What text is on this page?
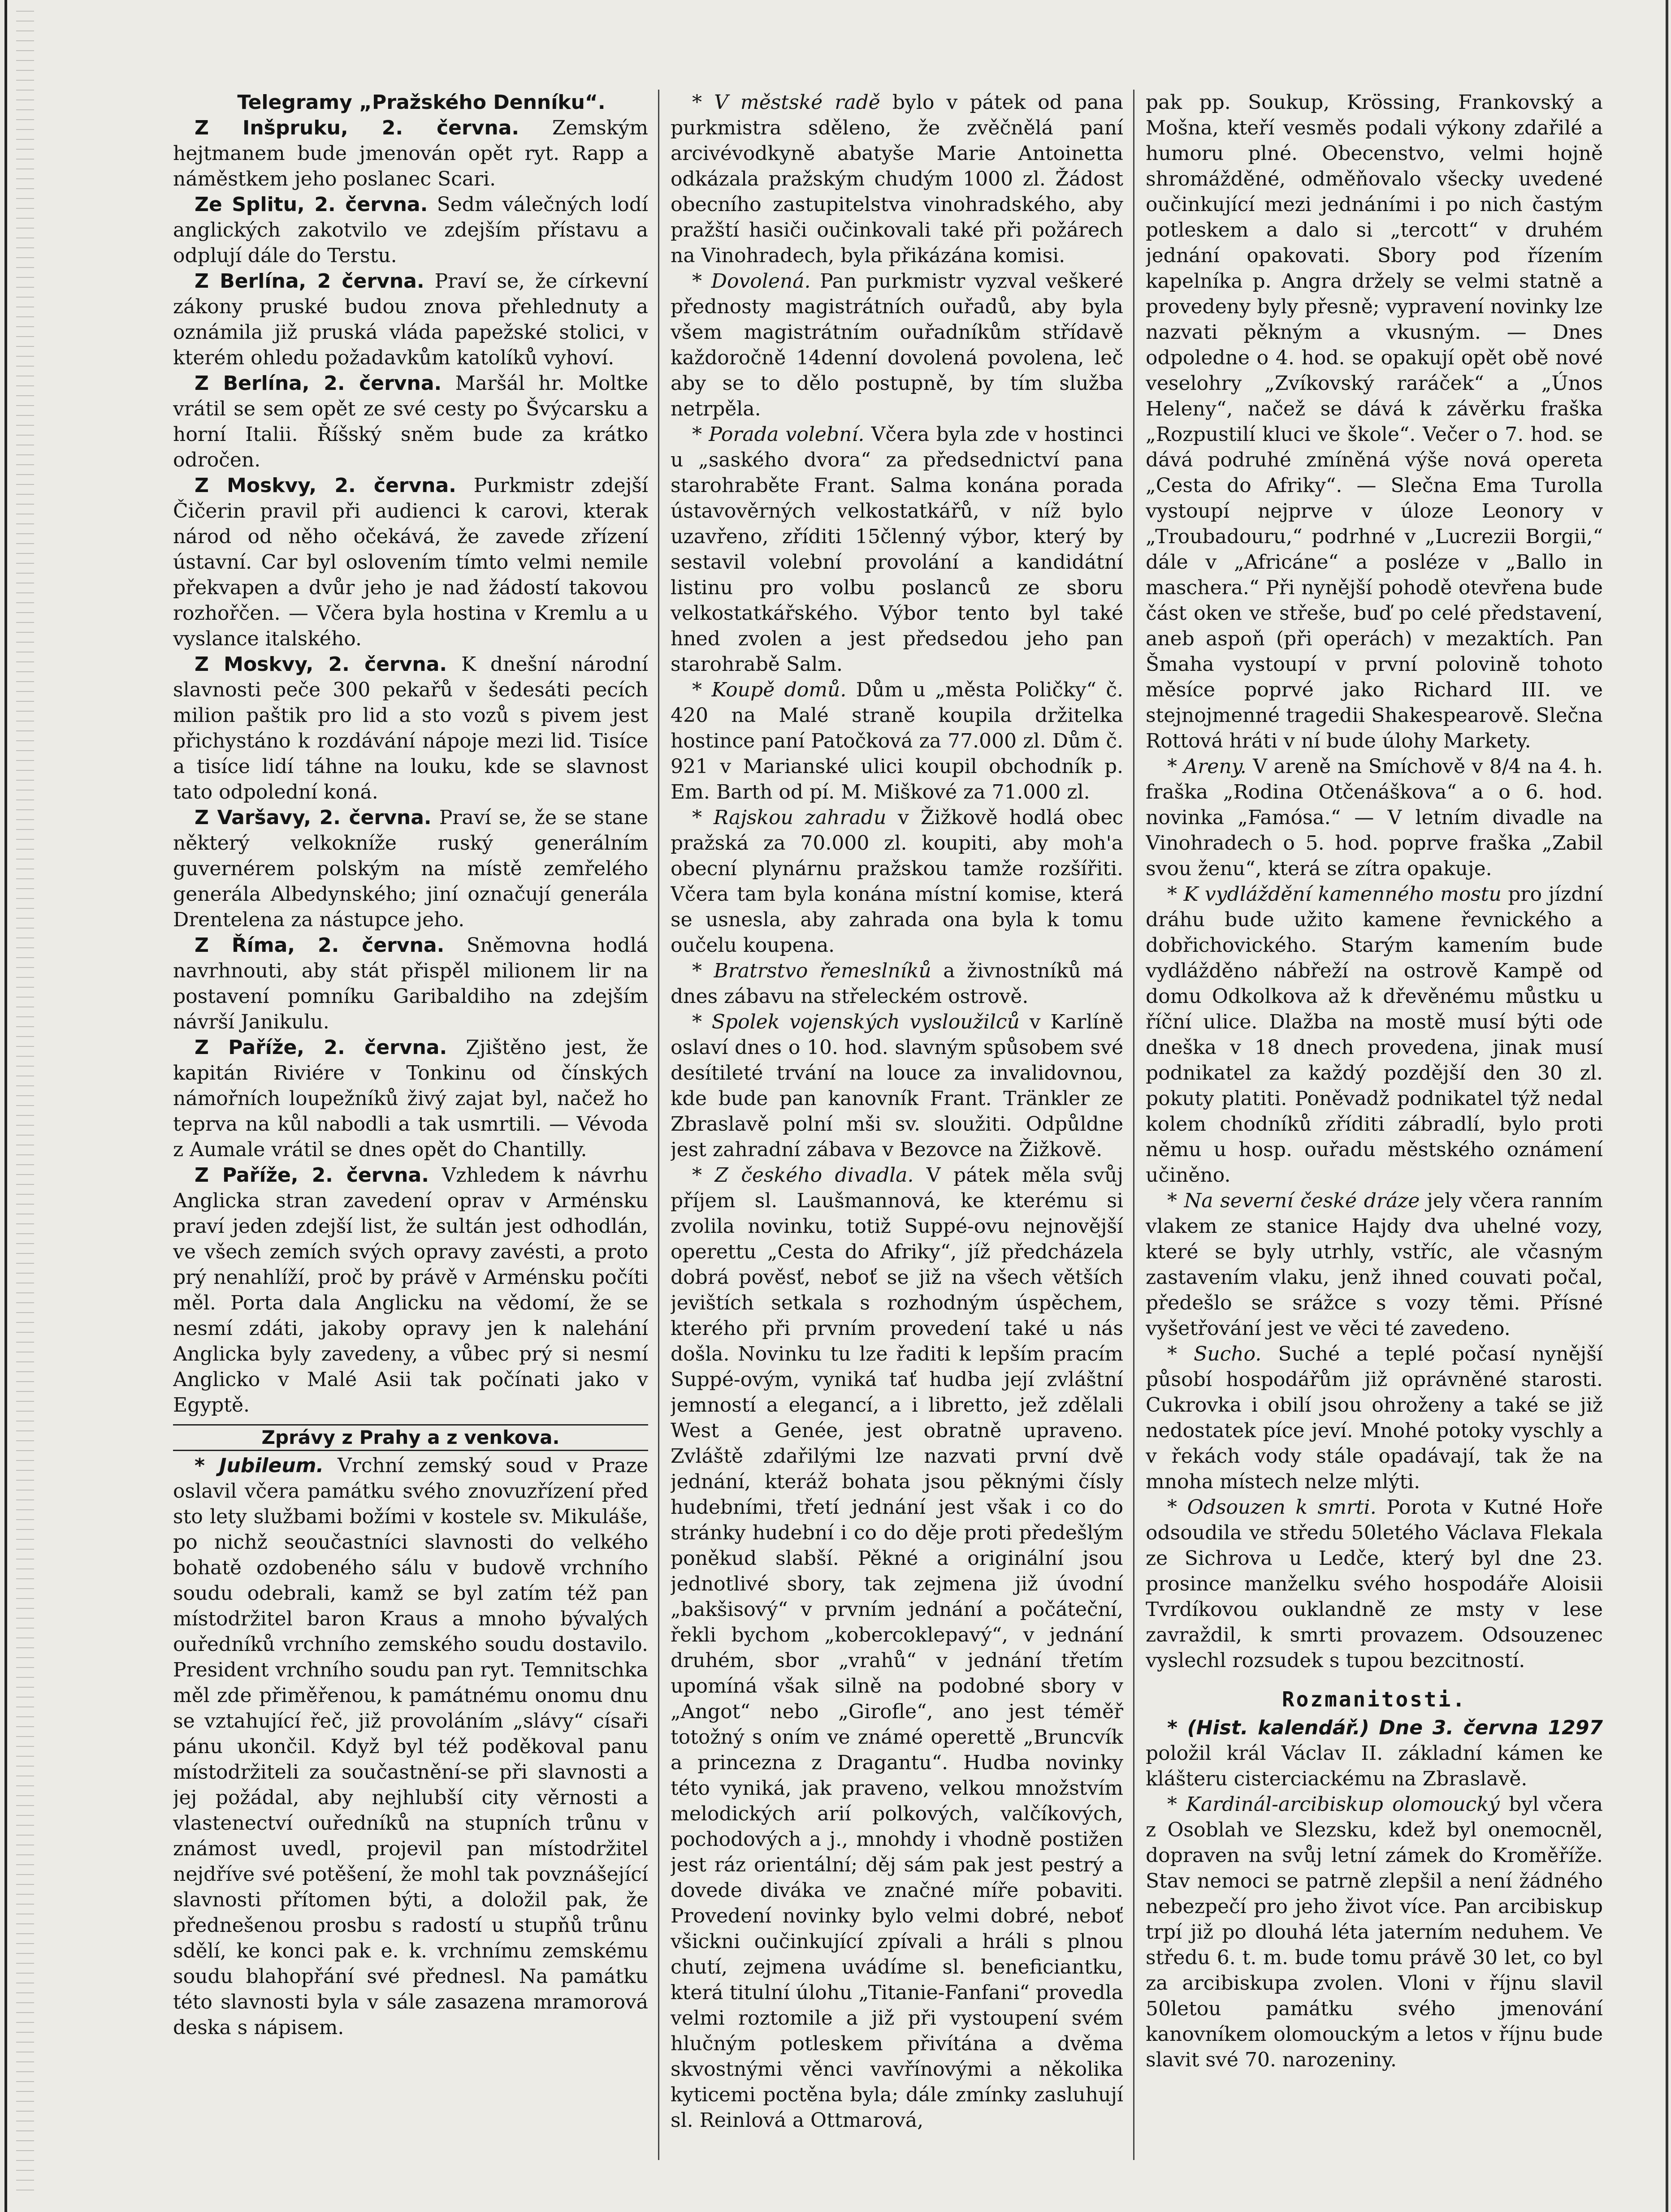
Telegramy „Pražského Denníku“.

Z Inšpruku, 2. června. Zemským hejtmanem bude jmenován opět ryt. Rapp a náměstkem jeho poslanec Scari.

Ze Splitu, 2. června. Sedm válečných lodí anglických zakotvilo ve zdejším přístavu a odplují dále do Terstu.

Z Berlína, 2 června. Praví se, že církevní zákony pruské budou znova přehlednuty a oznámila již pruská vláda papežské stolici, v kterém ohledu požadavkům katolíků vyhoví.

Z Berlína, 2. června. Maršál hr. Moltke vrátil se sem opět ze své cesty po Švýcarsku a horní Italii. Říšský sněm bude za krátko odročen.

Z Moskvy, 2. června. Purkmistr zdejší Čičerin pravil při audienci k carovi, kterak národ od něho očekává, že zavede zřízení ústavní. Car byl oslovením tímto velmi nemile překvapen a dvůr jeho je nad žádostí takovou rozhořčen. — Včera byla hostina v Kremlu a u vyslance italského.

Z Moskvy, 2. června. K dnešní národní slavnosti peče 300 pekařů v šedesáti pecích milion paštik pro lid a sto vozů s pivem jest přichystáno k rozdávání nápoje mezi lid. Tisíce a tisíce lidí táhne na louku, kde se slavnost tato odpolední koná.

Z Varšavy, 2. června. Praví se, že se stane některý velkokníže ruský generálním guvernérem polským na místě zemřelého generála Albedynského; jiní označují generála Drentelena za nástupce jeho.

Z Říma, 2. června. Sněmovna hodlá navrhnouti, aby stát přispěl milionem lir na postavení pomníku Garibaldiho na zdejším návrší Janikulu.

Z Paříže, 2. června. Zjištěno jest, že kapitán Riviére v Tonkinu od čínských námořních loupežníků živý zajat byl, načež ho teprva na kůl nabodli a tak usmrtili. — Vévoda z Aumale vrátil se dnes opět do Chantilly.

Z Paříže, 2. června. Vzhledem k návrhu Anglicka stran zavedení oprav v Arménsku praví jeden zdejší list, že sultán jest odhodlán, ve všech zemích svých opravy zavésti, a proto prý nenahlíží, proč by právě v Arménsku počíti měl. Porta dala Anglicku na vědomí, že se nesmí zdáti, jakoby opravy jen k nalehání Anglicka byly zavedeny, a vůbec prý si nesmí Anglicko v Malé Asii tak počínati jako v Egyptě.

Zprávy z Prahy a z venkova.

* Jubileum. Vrchní zemský soud v Praze oslavil včera památku svého znovuzřízení před sto lety službami božími v kostele sv. Mikuláše, po nichž seoučastníci slavnosti do velkého bohatě ozdobeného sálu v budově vrchního soudu odebrali, kamž se byl zatím též pan místodržitel baron Kraus a mnoho bývalých ouředníků vrchního zemského soudu dostavilo. President vrchního soudu pan ryt. Temnitschka měl zde přiměřenou, k památnému onomu dnu se vztahující řeč, již provoláním „slávy“ císaři pánu ukončil. Když byl též poděkoval panu místodržiteli za součastnění-se při slavnosti a jej požádal, aby nejhlubší city věrnosti a vlastenectví ouředníků na stupních trůnu v známost uvedl, projevil pan místodržitel nejdříve své potěšení, že mohl tak povznášející slavnosti přítomen býti, a doložil pak, že přednešenou prosbu s radostí u stupňů trůnu sdělí, ke konci pak e. k. vrchnímu zemskému soudu blahopřání své přednesl. Na památku této slavnosti byla v sále zasazena mramorová deska s nápisem.

* V městské radě bylo v pátek od pana purkmistra sděleno, že zvěčnělá paní arcivévodkyně abatyše Marie Antoinetta odkázala pražským chudým 1000 zl. Žádost obecního zastupitelstva vinohradského, aby pražští hasiči oučinkovali také při požárech na Vinohradech, byla přikázána komisi.

* Dovolená. Pan purkmistr vyzval veškeré přednosty magistrátních ouřadů, aby byla všem magistrátním ouřadníkům střídavě každoročně 14denní dovolená povolena, leč aby se to dělo postupně, by tím služba netrpěla.

* Porada volební. Včera byla zde v hostinci u „saského dvora“ za předsednictví pana starohraběte Frant. Salma konána porada ústavověrných velkostatkářů, v níž bylo uzavřeno, zříditi 15členný výbor, který by sestavil volební provolání a kandidátní listinu pro volbu poslanců ze sboru velkostatkářského. Výbor tento byl také hned zvolen a jest předsedou jeho pan starohrabě Salm.

* Koupě domů. Dům u „města Poličky“ č. 420 na Malé straně koupila držitelka hostince paní Patočková za 77.000 zl. Dům č. 921 v Marianské ulici koupil obchodník p. Em. Barth od pí. M. Miškové za 71.000 zl.

* Rajskou zahradu v Žižkově hodlá obec pražská za 70.000 zl. koupiti, aby moh'a obecní plynárnu pražskou tamže rozšířiti. Včera tam byla konána místní komise, která se usnesla, aby zahrada ona byla k tomu oučelu koupena.

* Bratrstvo řemeslníků a živnostníků má dnes zábavu na střeleckém ostrově.

* Spolek vojenských vysloužilců v Karlíně oslaví dnes o 10. hod. slavným spůsobem své desítileté trvání na louce za invalidovnou, kde bude pan kanovník Frant. Tränkler ze Zbraslavě polní mši sv. sloužiti. Odpůldne jest zahradní zábava v Bezovce na Žižkově.

* Z českého divadla. V pátek měla svůj příjem sl. Laušmannová, ke kterému si zvolila novinku, totiž Suppé-ovu nejnovější operettu „Cesta do Afriky“, jíž předcházela dobrá pověsť, neboť se již na všech větších jevištích setkala s rozhodným úspěchem, kterého při prvním provedení také u nás došla. Novinku tu lze řaditi k lepším pracím Suppé-ovým, vyniká tať hudba její zvláštní jemností a elegancí, a i libretto, jež zdělali West a Genée, jest obratně upraveno. Zvláště zdařilými lze nazvati první dvě jednání, kteráž bohata jsou pěknými čísly hudebními, třetí jednání jest však i co do stránky hudební i co do děje proti předešlým poněkud slabší. Pěkné a originální jsou jednotlivé sbory, tak zejmena již úvodní „bakšisový“ v prvním jednání a počáteční, řekli bychom „kobercoklepavý“, v jednání druhém, sbor „vrahů“ v jednání třetím upomíná však silně na podobné sbory v „Angot“ nebo „Girofle“, ano jest téměř totožný s oním ve známé operettě „Bruncvík a princezna z Dragantu“. Hudba novinky této vyniká, jak praveno, velkou množstvím melodických arií polkových, valčíkových, pochodových a j., mnohdy i vhodně postižen jest ráz orientální; děj sám pak jest pestrý a dovede diváka ve značné míře pobaviti. Provedení novinky bylo velmi dobré, neboť všickni oučinkující zpívali a hráli s plnou chutí, zejmena uvádíme sl. beneficiantku, která titulní úlohu „Titanie-Fanfani“ provedla velmi roztomile a již při vystoupení svém hlučným potleskem přivítána a dvěma skvostnými věnci vavřínovými a několika kyticemi poctěna byla; dále zmínky zasluhují sl. Reinlová a Ottmarová,

pak pp. Soukup, Krössing, Frankovský a Mošna, kteří vesměs podali výkony zdařilé a humoru plné. Obecenstvo, velmi hojně shromážděné, odměňovalo všecky uvedené oučinkující mezi jednáními i po nich častým potleskem a dalo si „tercott“ v druhém jednání opakovati. Sbory pod řízením kapelníka p. Angra držely se velmi statně a provedeny byly přesně; vypravení novinky lze nazvati pěkným a vkusným. — Dnes odpoledne o 4. hod. se opakují opět obě nové veselohry „Zvíkovský raráček“ a „Únos Heleny“, načež se dává k závěrku fraška „Rozpustilí kluci ve škole“. Večer o 7. hod. se dává podruhé zmíněná výše nová opereta „Cesta do Afriky“. — Slečna Ema Turolla vystoupí nejprve v úloze Leonory v „Troubadouru,“ podrhné v „Lucrezii Borgii,“ dále v „Africáne“ a posléze v „Ballo in maschera.“ Při nynější pohodě otevřena bude část oken ve střeše, buď po celé představení, aneb aspoň (při operách) v mezaktích. Pan Šmaha vystoupí v první polovině tohoto měsíce poprvé jako Richard III. ve stejnojmenné tragedii Shakespearově. Slečna Rottová hráti v ní bude úlohy Markety.

* Areny. V areně na Smíchově v 8/4 na 4. h. fraška „Rodina Otčenáškova“ a o 6. hod. novinka „Famósa.“ — V letním divadle na Vinohradech o 5. hod. poprve fraška „Zabil svou ženu“, která se zítra opakuje.

* K vydláždění kamenného mostu pro jízdní dráhu bude užito kamene řevnického a dobřichovického. Starým kamením bude vydlážděno nábřeží na ostrově Kampě od domu Odkolkova až k dřevěnému můstku u říční ulice. Dlažba na mostě musí býti ode dneška v 18 dnech provedena, jinak musí podnikatel za každý pozdější den 30 zl. pokuty platiti. Poněvadž podnikatel týž nedal kolem chodníků zříditi zábradlí, bylo proti němu u hosp. ouřadu městského oznámení učiněno.

* Na severní české dráze jely včera ranním vlakem ze stanice Hajdy dva uhelné vozy, které se byly utrhly, vstříc, ale včasným zastavením vlaku, jenž ihned couvati počal, předešlo se srážce s vozy těmi. Přísné vyšetřování jest ve věci té zavedeno.

* Sucho. Suché a teplé počasí nynější působí hospodářům již oprávněné starosti. Cukrovka i obilí jsou ohroženy a také se již nedostatek píce jeví. Mnohé potoky vyschly a v řekách vody stále opadávají, tak že na mnoha místech nelze mlýti.

* Odsouzen k smrti. Porota v Kutné Hoře odsoudila ve středu 50letého Václava Flekala ze Sichrova u Ledče, který byl dne 23. prosince manželku svého hospodáře Aloisii Tvrdíkovou ouklandně ze msty v lese zavraždil, k smrti provazem. Odsouzenec vyslechl rozsudek s tupou bezcitností.

Rozmanitosti.

* (Hist. kalendář.) Dne 3. června 1297 položil král Václav II. základní kámen ke klášteru cisterciackému na Zbraslavě.

* Kardinál-arcibiskup olomoucký byl včera z Osoblah ve Slezsku, kdež byl onemocněl, dopraven na svůj letní zámek do Kroměříže. Stav nemoci se patrně zlepšil a není žádného nebezpečí pro jeho život více. Pan arcibiskup trpí již po dlouhá léta jaterním neduhem. Ve středu 6. t. m. bude tomu právě 30 let, co byl za arcibiskupa zvolen. Vloni v říjnu slavil 50letou památku svého jmenování kanovníkem olomouckým a letos v říjnu bude slavit své 70. narozeniny.
